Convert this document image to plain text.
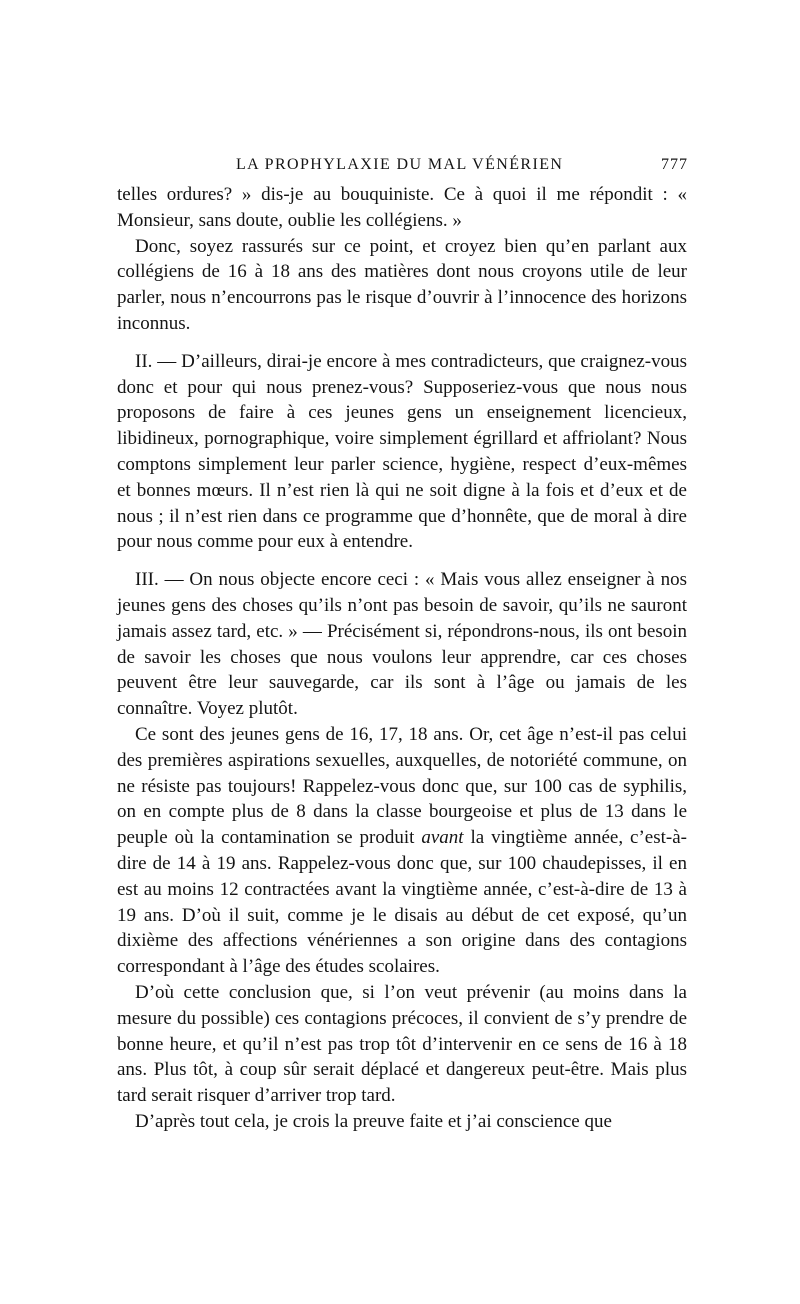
LA PROPHYLAXIE DU MAL VÉNÉRIEN	777

telles ordures? » dis-je au bouquiniste. Ce à quoi il me répondit : « Monsieur, sans doute, oublie les collégiens. »

Donc, soyez rassurés sur ce point, et croyez bien qu’en parlant aux collégiens de 16 à 18 ans des matières dont nous croyons utile de leur parler, nous n’encourrons pas le risque d’ouvrir à l’innocence des horizons inconnus.

II. — D’ailleurs, dirai-je encore à mes contradicteurs, que craignez-vous donc et pour qui nous prenez-vous? Supposeriez-vous que nous nous proposons de faire à ces jeunes gens un enseignement licencieux, libidineux, pornographique, voire simplement égrillard et affriolant? Nous comptons simplement leur parler science, hygiène, respect d’eux-mêmes et bonnes mœurs. Il n’est rien là qui ne soit digne à la fois et d’eux et de nous ; il n’est rien dans ce programme que d’honnête, que de moral à dire pour nous comme pour eux à entendre.

III. — On nous objecte encore ceci : « Mais vous allez enseigner à nos jeunes gens des choses qu’ils n’ont pas besoin de savoir, qu’ils ne sauront jamais assez tard, etc. » — Précisément si, répondrons-nous, ils ont besoin de savoir les choses que nous voulons leur apprendre, car ces choses peuvent être leur sauvegarde, car ils sont à l’âge ou jamais de les connaître. Voyez plutôt.

Ce sont des jeunes gens de 16, 17, 18 ans. Or, cet âge n’est-il pas celui des premières aspirations sexuelles, auxquelles, de notoriété commune, on ne résiste pas toujours! Rappelez-vous donc que, sur 100 cas de syphilis, on en compte plus de 8 dans la classe bourgeoise et plus de 13 dans le peuple où la contamination se produit avant la vingtième année, c’est-à-dire de 14 à 19 ans. Rappelez-vous donc que, sur 100 chaudepisses, il en est au moins 12 contractées avant la vingtième année, c’est-à-dire de 13 à 19 ans. D’où il suit, comme je le disais au début de cet exposé, qu’un dixième des affections vénériennes a son origine dans des contagions correspondant à l’âge des études scolaires.

D’où cette conclusion que, si l’on veut prévenir (au moins dans la mesure du possible) ces contagions précoces, il convient de s’y prendre de bonne heure, et qu’il n’est pas trop tôt d’intervenir en ce sens de 16 à 18 ans. Plus tôt, à coup sûr serait déplacé et dangereux peut-être. Mais plus tard serait risquer d’arriver trop tard.

D’après tout cela, je crois la preuve faite et j’ai conscience que
